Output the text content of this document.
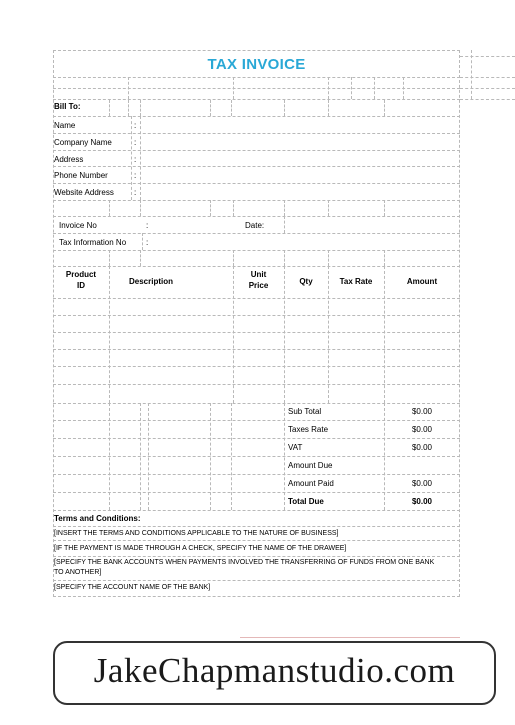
TAX INVOICE
Bill To:
Name	:
Company Name	:
Address	:
Phone Number	:
Website Address	:
Invoice No	:	Date:
Tax Information No :
Product
ID	Description
Unit
Price	Qty	Tax Rate	Amount
Sub Total	$0.00
Taxes Rate	$0.00
VAT	$0.00
Amount Due
Amount Paid	$0.00
Total Due	$0.00
Terms and Conditions:
[INSERT THE TERMS AND CONDITIONS APPLICABLE TO THE NATURE OF BUSINESS]
[IF THE PAYMENT IS MADE THROUGH A CHECK, SPECIFY THE NAME OF THE DRAWEE]
[SPECIFY THE BANK ACCOUNTS WHEN PAYMENTS INVOLVED THE TRANSFERRING OF FUNDS FROM ONE BANK
TO ANOTHER]
[SPECIFY THE ACCOUNT NAME OF THE BANK]
JakeChapmanstudio.com
